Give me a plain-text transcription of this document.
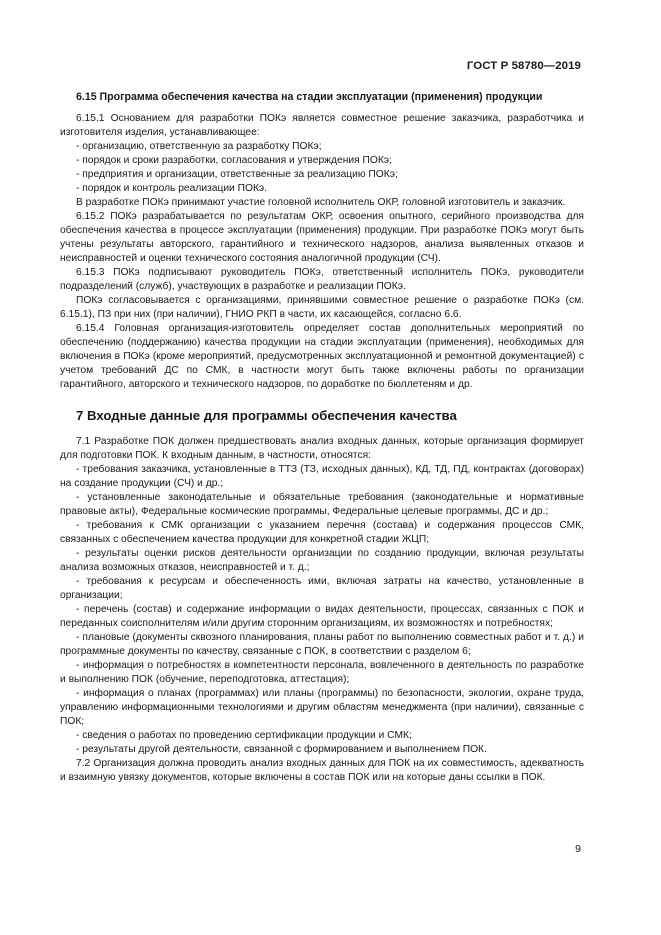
ГОСТ Р 58780—2019
6.15 Программа обеспечения качества на стадии эксплуатации (применения) продукции
6.15.1 Основанием для разработки ПОКэ является совместное решение заказчика, разработчика и изготовителя изделия, устанавливающее:
- организацию, ответственную за разработку ПОКэ;
- порядок и сроки разработки, согласования и утверждения ПОКэ;
- предприятия и организации, ответственные за реализацию ПОКэ;
- порядок и контроль реализации ПОКэ.
В разработке ПОКэ принимают участие головной исполнитель ОКР, головной изготовитель и заказчик.
6.15.2 ПОКэ разрабатывается по результатам ОКР, освоения опытного, серийного производства для обеспечения качества в процессе эксплуатации (применения) продукции. При разработке ПОКэ могут быть учтены результаты авторского, гарантийного и технического надзоров, анализа выявленных отказов и неисправностей и оценки технического состояния аналогичной продукции (СЧ).
6.15.3 ПОКэ подписывают руководитель ПОКэ, ответственный исполнитель ПОКэ, руководители подразделений (служб), участвующих в разработке и реализации ПОКэ.
ПОКэ согласовывается с организациями, принявшими совместное решение о разработке ПОКэ (см. 6.15.1), ПЗ при них (при наличии), ГНИО РКП в части, их касающейся, согласно 6.6.
6.15.4 Головная организация-изготовитель определяет состав дополнительных мероприятий по обеспечению (поддержанию) качества продукции на стадии эксплуатации (применения), необходимых для включения в ПОКэ (кроме мероприятий, предусмотренных эксплуатационной и ремонтной документацией) с учетом требований ДС по СМК, в частности могут быть также включены работы по организации гарантийного, авторского и технического надзоров, по доработке по бюллетеням и др.
7 Входные данные для программы обеспечения качества
7.1 Разработке ПОК должен предшествовать анализ входных данных, которые организация формирует для подготовки ПОК. К входным данным, в частности, относятся:
- требования заказчика, установленные в ТТЗ (ТЗ, исходных данных), КД, ТД, ПД, контрактах (договорах) на создание продукции (СЧ) и др.;
- установленные законодательные и обязательные требования (законодательные и нормативные правовые акты), Федеральные космические программы, Федеральные целевые программы, ДС и др.;
- требования к СМК организации с указанием перечня (состава) и содержания процессов СМК, связанных с обеспечением качества продукции для конкретной стадии ЖЦП;
- результаты оценки рисков деятельности организации по созданию продукции, включая результаты анализа возможных отказов, неисправностей и т. д.;
- требования к ресурсам и обеспеченность ими, включая затраты на качество, установленные в организации;
- перечень (состав) и содержание информации о видах деятельности, процессах, связанных с ПОК и переданных соисполнителям и/или другим сторонним организациям, их возможностях и потребностях;
- плановые (документы сквозного планирования, планы работ по выполнению совместных работ и т. д.) и программные документы по качеству, связанные с ПОК, в соответствии с разделом 6;
- информация о потребностях в компетентности персонала, вовлеченного в деятельность по разработке и выполнению ПОК (обучение, переподготовка, аттестация);
- информация о планах (программах) или планы (программы) по безопасности, экологии, охране труда, управлению информационными технологиями и другим областям менеджмента (при наличии), связанные с ПОК;
- сведения о работах по проведению сертификации продукции и СМК;
- результаты другой деятельности, связанной с формированием и выполнением ПОК.
7.2 Организация должна проводить анализ входных данных для ПОК на их совместимость, адекватность и взаимную увязку документов, которые включены в состав ПОК или на которые даны ссылки в ПОК.
9
